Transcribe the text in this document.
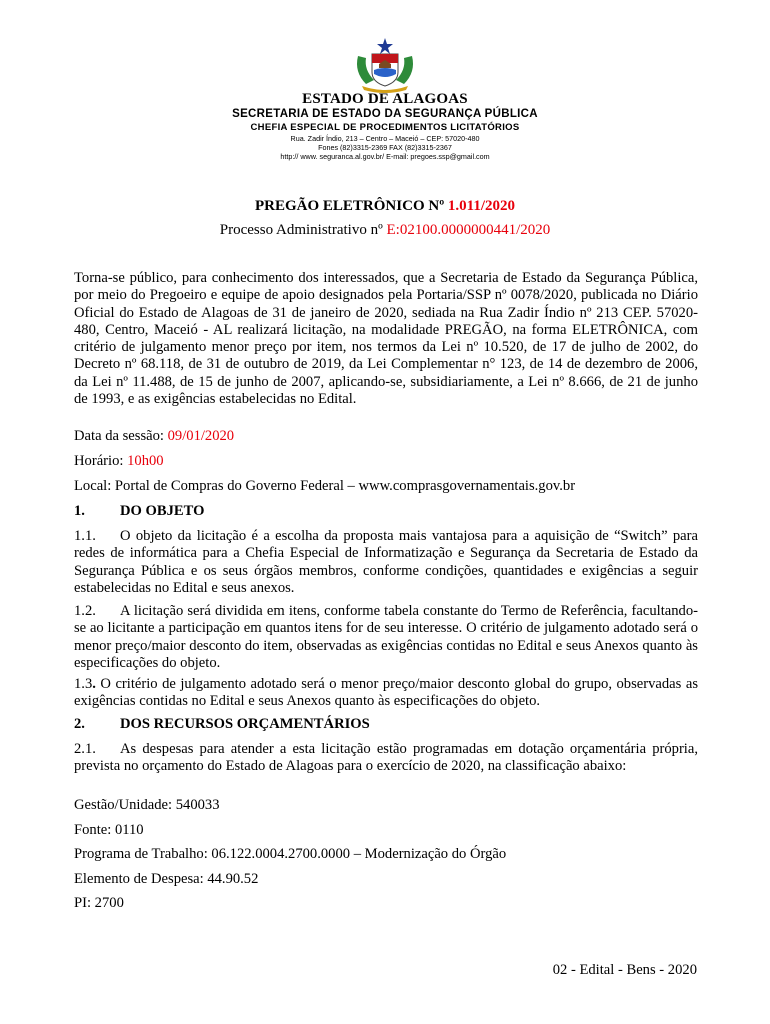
ESTADO DE ALAGOAS
SECRETARIA DE ESTADO DA SEGURANÇA PÚBLICA
CHEFIA ESPECIAL DE PROCEDIMENTOS LICITATÓRIOS
Rua. Zadir Índio, 213 – Centro – Maceió – CEP: 57020-480
Fones (82)3315-2369 FAX (82)3315-2367
http:// www. seguranca.al.gov.br/ E-mail: pregoes.ssp@gmail.com
PREGÃO ELETRÔNICO Nº 1.011/2020
Processo Administrativo nº E:02100.0000000441/2020

Torna-se público, para conhecimento dos interessados, que a Secretaria de Estado da Segurança Pública, por meio do Pregoeiro e equipe de apoio designados pela Portaria/SSP nº 0078/2020, publicada no Diário Oficial do Estado de Alagoas de 31 de janeiro de 2020, sediada na Rua Zadir Índio nº 213 CEP. 57020-480, Centro, Maceió - AL realizará licitação, na modalidade PREGÃO, na forma ELETRÔNICA, com critério de julgamento menor preço por item, nos termos da Lei nº 10.520, de 17 de julho de 2002, do Decreto nº 68.118, de 31 de outubro de 2019, da Lei Complementar n° 123, de 14 de dezembro de 2006, da Lei nº 11.488, de 15 de junho de 2007, aplicando-se, subsidiariamente, a Lei nº 8.666, de 21 de junho de 1993, e as exigências estabelecidas no Edital.

Data da sessão: 09/01/2020
Horário: 10h00
Local: Portal de Compras do Governo Federal – www.comprasgovernamentais.gov.br
1. DO OBJETO

1.1. O objeto da licitação é a escolha da proposta mais vantajosa para a aquisição de “Switch” para redes de informática para a Chefia Especial de Informatização e Segurança da Secretaria de Estado da Segurança Pública e os seus órgãos membros, conforme condições, quantidades e exigências a seguir estabelecidas no Edital e seus anexos.

1.2. A licitação será dividida em itens, conforme tabela constante do Termo de Referência, facultando-se ao licitante a participação em quantos itens for de seu interesse. O critério de julgamento adotado será o menor preço/maior desconto do item, observadas as exigências contidas no Edital e seus Anexos quanto às especificações do objeto.

1.3. O critério de julgamento adotado será o menor preço/maior desconto global do grupo, observadas as exigências contidas no Edital e seus Anexos quanto às especificações do objeto.

2. DOS RECURSOS ORÇAMENTÁRIOS

2.1. As despesas para atender a esta licitação estão programadas em dotação orçamentária própria, prevista no orçamento do Estado de Alagoas para o exercício de 2020, na classificação abaixo:

Gestão/Unidade: 540033
Fonte: 0110
Programa de Trabalho: 06.122.0004.2700.0000 – Modernização do Órgão
Elemento de Despesa: 44.90.52
PI: 2700
02 - Edital - Bens - 2020
